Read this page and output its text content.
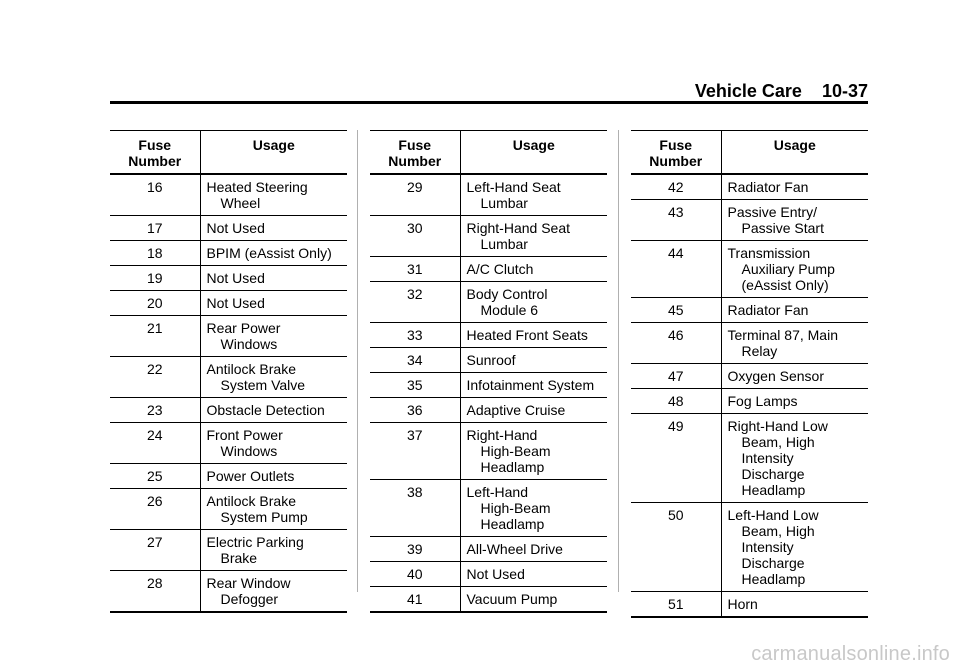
Vehicle Care 10-37
Fuse
Number	Usage
16	Heated Steering
Wheel

17	Not Used

18	BPIM (eAssist Only)

19	Not Used

20	Not Used

21	Rear Power
Windows

22	Antilock Brake
System Valve

23	Obstacle Detection

24	Front Power
Windows

25	Power Outlets

26	Antilock Brake
System Pump

27	Electric Parking
Brake

28	Rear Window
Defogger
Fuse
Number	Usage
29	Left-Hand Seat
Lumbar

30	Right-Hand Seat
Lumbar

31	A/C Clutch

32	Body Control
Module 6

33	Heated Front Seats

34	Sunroof

35	Infotainment System

36	Adaptive Cruise

37	Right-Hand
High-Beam
Headlamp

38	Left-Hand
High-Beam
Headlamp

39	All-Wheel Drive

40	Not Used

41	Vacuum Pump
Fuse
Number	Usage
42	Radiator Fan

43	Passive Entry/
Passive Start

44	Transmission
Auxiliary Pump
(eAssist Only)

45	Radiator Fan

46	Terminal 87, Main
Relay

47	Oxygen Sensor

48	Fog Lamps

49	Right-Hand Low
Beam, High Intensity
Discharge
Headlamp

50	Left-Hand Low
Beam, High Intensity
Discharge
Headlamp

51	Horn
carmanualsonline.info
